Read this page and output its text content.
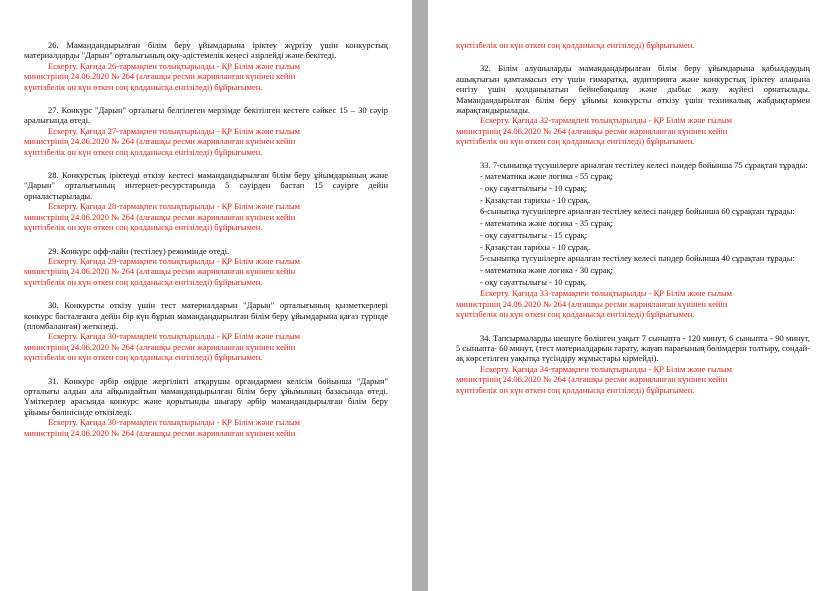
26. Мамандандырылған білім беру ұйымдарына іріктеу жүргізу үшін конкурстық материалдарды "Дарын" орталығының оқу-әдістемелік кеңесі әзірлейді және бекітеді.

Ескерту. Қағида 26-тармақпен толықтырылды - ҚР Білім және ғылым
министрінің 24.06.2020 № 264 (алғашқы ресми жарияланған күнінен кейін
күнтізбелік он күн өткен соң қолданысқа енгізіледі) бұйрығымен.

27. Конкурс "Дарын" орталығы белгілеген мерзімде бекітілген кестеге сәйкес 15 – 30 сәуір аралығында өтеді.

Ескерту. Қағида 27-тармақпен толықтырылды - ҚР Білім және ғылым
министрінің 24.06.2020 № 264 (алғашқы ресми жарияланған күнінен кейін
күнтізбелік он күн өткен соң қолданысқа енгізіледі) бұйрығымен.

28. Конкурстық іріктеуді өткізу кестесі мамандандырылған білім беру ұйымдарының және "Дарын" орталығының интернет-ресурстарында 5 сәуірден бастап 15 сәуірге дейін орналастырылады.

Ескерту. Қағида 28-тармақпен толықтырылды - ҚР Білім және ғылым
министрінің 24.06.2020 № 264 (алғашқы ресми жарияланған күнінен кейін
күнтізбелік он күн өткен соң қолданысқа енгізіледі) бұйрығымен.

29. Конкурс офф-лайн (тестілеу) режимінде өтеді.

Ескерту. Қағида 29-тармақпен толықтырылды - ҚР Білім және ғылым
министрінің 24.06.2020 № 264 (алғашқы ресми жарияланған күнінен кейін
күнтізбелік он күн өткен соң қолданысқа енгізіледі) бұйрығымен.

30. Конкурсты өткізу үшін тест материалдарын "Дарын" орталығының қызметкерлері конкурс басталғанға дейін бір күн бұрын мамандандырылған білім беру ұйымдарына қағаз түрінде (пломбаланған) жеткізеді.

Ескерту. Қағида 30-тармақпен толықтырылды - ҚР Білім және ғылым
министрінің 24.06.2020 № 264 (алғашқы ресми жарияланған күнінен кейін
күнтізбелік он күн өткен соң қолданысқа енгізіледі) бұйрығымен.

31. Конкурс әрбір өңірде жергілікті атқарушы органдармен келісім бойынша "Дарын" орталығы алдын ала айқындайтын мамандандырылған білім беру ұйымының базасында өтеді. Үміткерлер арасында конкурс және қорытынды шығару әрбір мамандандырылған білім беру ұйымы бөлінісінде өткізіледі.

Ескерту. Қағида 30-тармақпен толықтырылды - ҚР Білім және ғылым
министрінің 24.06.2020 № 264 (алғашқы ресми жарияланған күнінен кейін

күнтізбелік он күн өткен соң қолданысқа енгізіледі) бұйрығымен.

32. Білім алушыларды мамандандырылған білім беру ұйымдарына қабылдаудың ашықтығын қамтамасыз ету үшін ғимаратқа, аудиторияға және конкурстық іріктеу алаңына енгізу үшін қолданылатын бейнебақылау және дыбыс жазу жүйесі орнатылады. Мамандандырылған білім беру ұйымы конкурсты өткізу үшін техникалық жабдықтармен жарақтандырылады.

Ескерту. Қағида 32-тармақпен толықтырылды - ҚР Білім және ғылым
министрінің 24.06.2020 № 264 (алғашқы ресми жарияланған күнінен кейін
күнтізбелік он күн өткен соң қолданысқа енгізіледі) бұйрығымен.

33. 7-сыныпқа түсушілерге арналған тестілеу келесі пәндер бойынша 75 сұрақтан тұрады:

- математика және логика - 55 сұрақ;

- оқу сауаттылығы - 10 сұрақ;

- Қазақстан тарихы - 10 сұрақ.

6-сыныпқа түсушілерге арналған тестілеу келесі пәндер бойынша 60 сұрақтан тұрады:

- математика және логика - 35 сұрақ;

- оқу сауаттылығы - 15 сұрақ;

- Қазақстан тарихы - 10 сұрақ.

5-сыныпқа түсушілерге арналған тестілеу келесі пәндер бойынша 40 сұрақтан тұрады:

- математика және логика - 30 сұрақ;

- оқу сауаттылығы - 10 сұрақ.

Ескерту. Қағида 33-тармақпен толықтырылды - ҚР Білім және ғылым
министрінің 24.06.2020 № 264 (алғашқы ресми жарияланған күнінен кейін
күнтізбелік он күн өткен соң қолданысқа енгізіледі) бұйрығымен.

34. Тапсырмаларды шешуге бөлінген уақыт 7 сыныпта - 120 минут, 6 сыныпта - 90 минут, 5 сыныпта- 60 минут, (тест материалдарын тарату, жауап парағының бөлімдерін толтыру, сондай-ақ көрсетілген уақытқа түсіндіру жұмыстары кірмейді).

Ескерту. Қағида 34-тармақпен толықтырылды - ҚР Білім және ғылым
министрінің 24.06.2020 № 264 (алғашқы ресми жарияланған күнінен кейін
күнтізбелік он күн өткен соң қолданысқа енгізіледі) бұйрығымен.
